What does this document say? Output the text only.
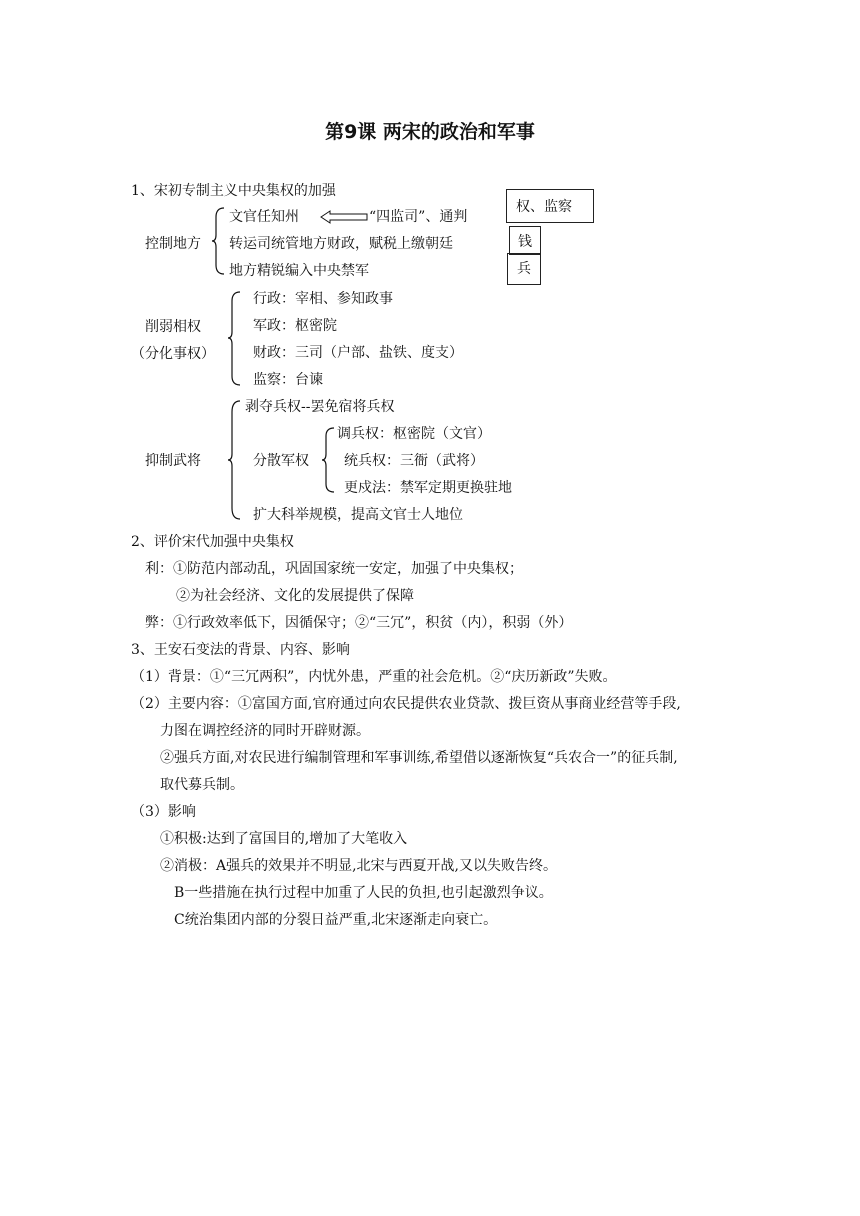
第9课 两宋的政治和军事
1、宋初专制主义中央集权的加强
控制地方
文官任知州	“四监司”、通判
转运司统管地方财政，赋税上缴朝廷
地方精锐编入中央禁军
权、监察
钱
兵
削弱相权
（分化事权）
行政：宰相、参知政事
军政：枢密院
财政：三司（户部、盐铁、度支）
监察：台谏
抑制武将
剥夺兵权--罢免宿将兵权
分散军权
调兵权：枢密院（文官）
统兵权：三衙（武将）
更戍法：禁军定期更换驻地
扩大科举规模，提高文官士人地位
2、评价宋代加强中央集权
利：①防范内部动乱，巩固国家统一安定，加强了中央集权；
②为社会经济、文化的发展提供了保障
弊：①行政效率低下，因循保守；②“三冗”，积贫（内），积弱（外）
3、王安石变法的背景、内容、影响
（1）背景：①“三冗两积”，内忧外患，严重的社会危机。②“庆历新政”失败。
（2）主要内容：①富国方面,官府通过向农民提供农业贷款、拨巨资从事商业经营等手段,
力图在调控经济的同时开辟财源。
②强兵方面,对农民进行编制管理和军事训练,希望借以逐渐恢复“兵农合一”的征兵制,
取代募兵制。
（3）影响
①积极:达到了富国目的,增加了大笔收入
②消极：A强兵的效果并不明显,北宋与西夏开战,又以失败告终。
B一些措施在执行过程中加重了人民的负担,也引起激烈争议。
C统治集团内部的分裂日益严重,北宋逐渐走向衰亡。
